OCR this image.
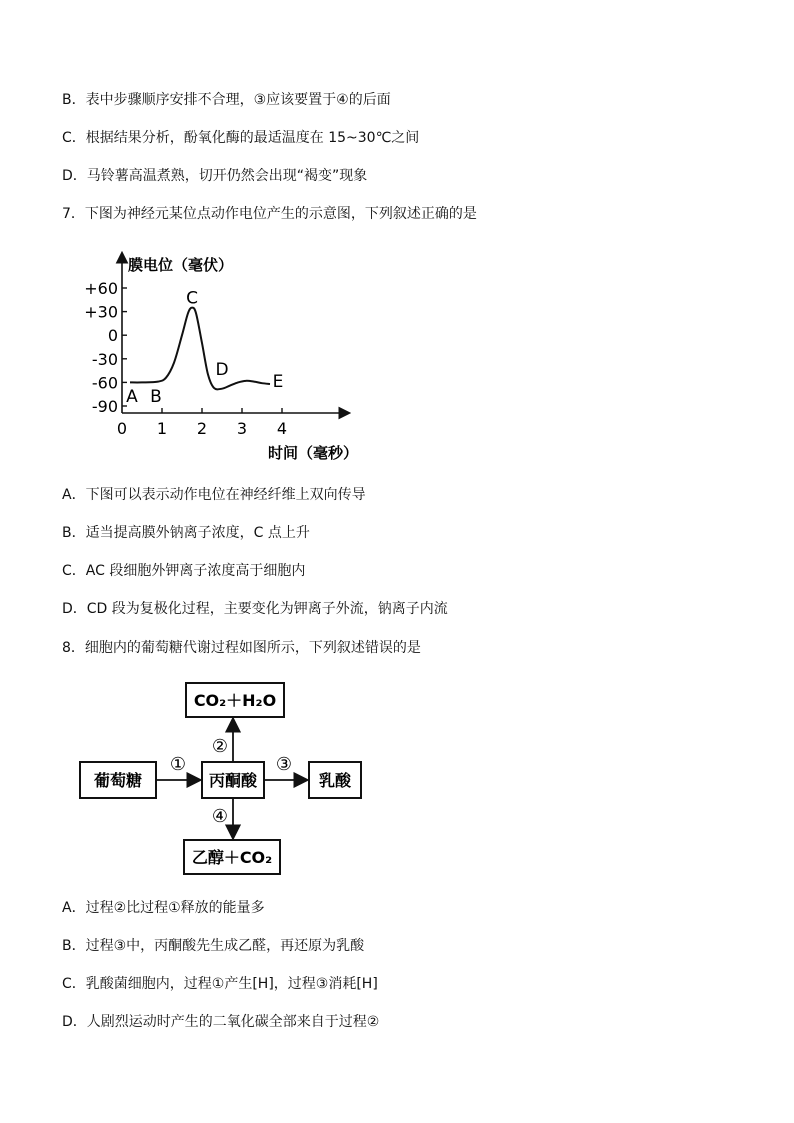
B．表中步骤顺序安排不合理，③应该要置于④的后面
C．根据结果分析，酚氧化酶的最适温度在 15~30℃之间
D．马铃薯高温煮熟，切开仍然会出现“褐变”现象
7．下图为神经元某位点动作电位产生的示意图，下列叙述正确的是
膜电位（毫伏）
时间（毫秒）
+60
+30
0
-30
-60
-90
0 1 2 3 4
A B
C
D
E
A．下图可以表示动作电位在神经纤维上双向传导
B．适当提高膜外钠离子浓度，C 点上升
C．AC 段细胞外钾离子浓度高于细胞内
D．CD 段为复极化过程，主要变化为钾离子外流，钠离子内流
8．细胞内的葡萄糖代谢过程如图所示，下列叙述错误的是
CO₂＋H₂O
葡萄糖	丙酮酸	乳酸
乙醇＋CO₂
①
②
③
④
A．过程②比过程①释放的能量多
B．过程③中，丙酮酸先生成乙醛，再还原为乳酸
C．乳酸菌细胞内，过程①产生[H]，过程③消耗[H]
D．人剧烈运动时产生的二氧化碳全部来自于过程②
